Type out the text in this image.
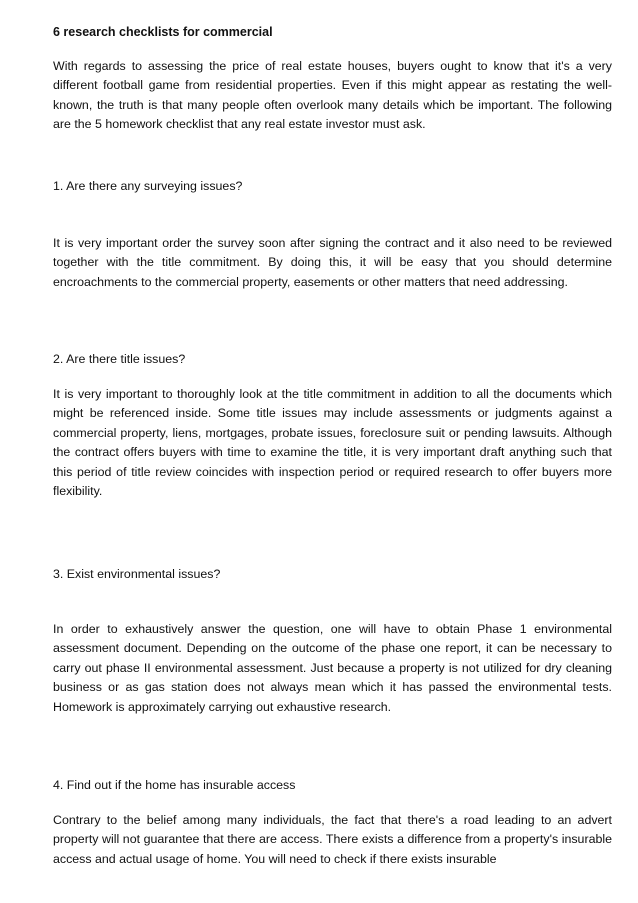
6 research checklists for commercial
With regards to assessing the price of real estate houses, buyers ought to know that it's a very different football game from residential properties. Even if this might appear as restating the well-known, the truth is that many people often overlook many details which be important. The following are the 5 homework checklist that any real estate investor must ask.
1. Are there any surveying issues?
It is very important order the survey soon after signing the contract and it also need to be reviewed together with the title commitment. By doing this, it will be easy that you should determine encroachments to the commercial property, easements or other matters that need addressing.
2. Are there title issues?
It is very important to thoroughly look at the title commitment in addition to all the documents which might be referenced inside. Some title issues may include assessments or judgments against a commercial property, liens, mortgages, probate issues, foreclosure suit or pending lawsuits. Although the contract offers buyers with time to examine the title, it is very important draft anything such that this period of title review coincides with inspection period or required research to offer buyers more flexibility.
3. Exist environmental issues?
In order to exhaustively answer the question, one will have to obtain Phase 1 environmental assessment document. Depending on the outcome of the phase one report, it can be necessary to carry out phase II environmental assessment. Just because a property is not utilized for dry cleaning business or as gas station does not always mean which it has passed the environmental tests. Homework is approximately carrying out exhaustive research.
4. Find out if the home has insurable access
Contrary to the belief among many individuals, the fact that there's a road leading to an advert property will not guarantee that there are access. There exists a difference from a property's insurable access and actual usage of home. You will need to check if there exists insurable
